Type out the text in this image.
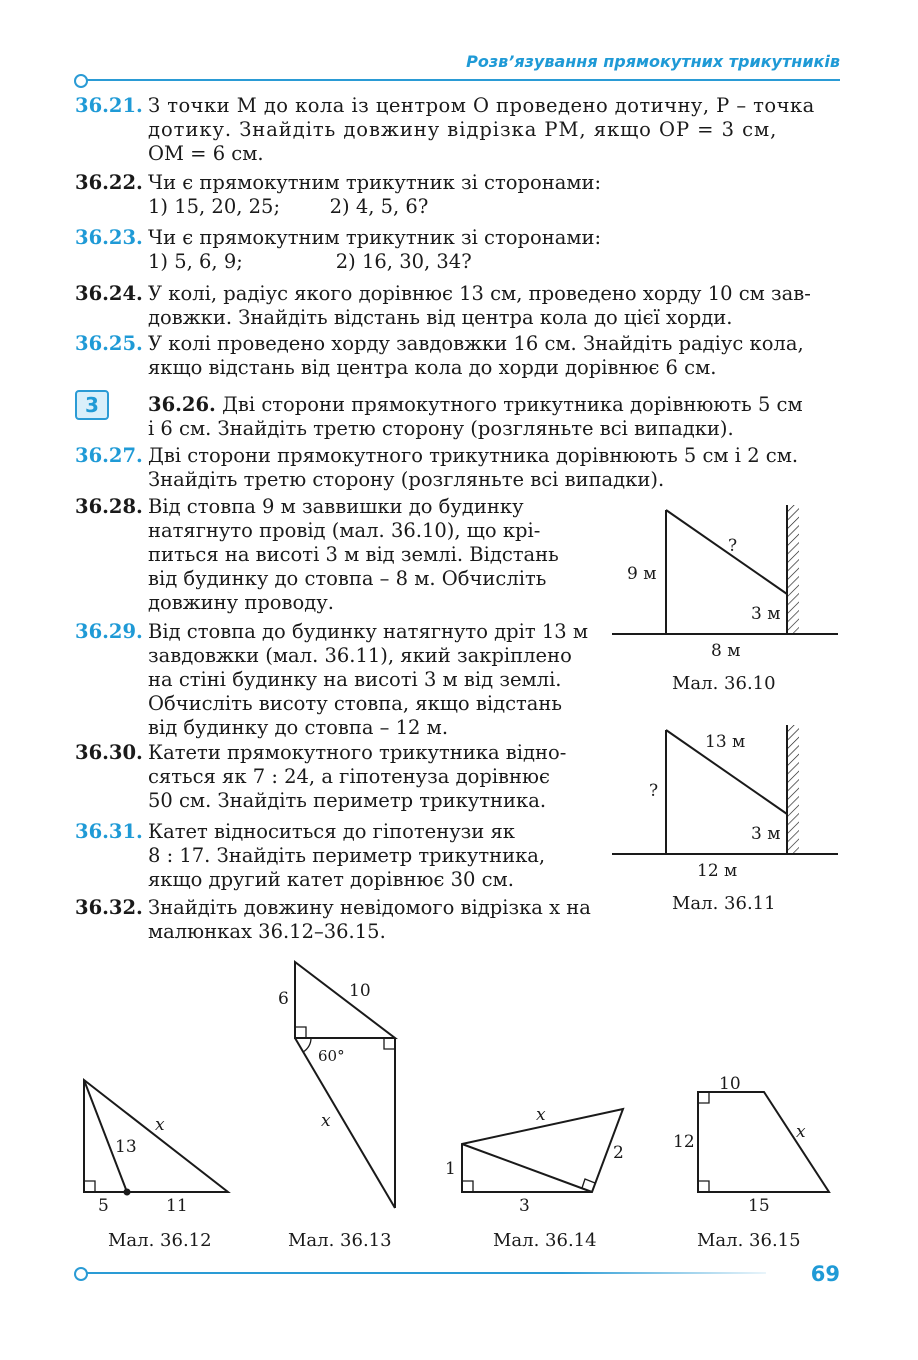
Розв’язування прямокутних трикутників
36.21. З точки M до кола із центром O проведено дотичну, P – точка
дотику. Знайдіть довжину відрізка PM, якщо OP = 3 см,
OM = 6 см.
36.22. Чи є прямокутним трикутник зі сторонами:
1) 15, 20, 25;        2) 4, 5, 6?
36.23. Чи є прямокутним трикутник зі сторонами:
1) 5, 6, 9;               2) 16, 30, 34?
36.24. У колі, радіус якого дорівнює 13 см, проведено хорду 10 см зав-
довжки. Знайдіть відстань від центра кола до цієї хорди.
36.25. У колі проведено хорду завдовжки 16 см. Знайдіть радіус кола,
якщо відстань від центра кола до хорди дорівнює 6 см.
3	36.26. Дві сторони прямокутного трикутника дорівнюють 5 см
і 6 см. Знайдіть третю сторону (розгляньте всі випадки).
36.27. Дві сторони прямокутного трикутника дорівнюють 5 см і 2 см.
Знайдіть третю сторону (розгляньте всі випадки).
36.28. Від стовпа 9 м заввишки до будинку
натягнуто провід (мал. 36.10), що крі-
питься на висоті 3 м від землі. Відстань
від будинку до стовпа – 8 м. Обчисліть
довжину проводу.
36.29. Від стовпа до будинку натягнуто дріт 13 м
завдовжки (мал. 36.11), який закріплено
на стіні будинку на висоті 3 м від землі.
Обчисліть висоту стовпа, якщо відстань
від будинку до стовпа – 12 м.
36.30. Катети прямокутного трикутника відно-
сяться як 7 : 24, а гіпотенуза дорівнює
50 см. Знайдіть периметр трикутника.
36.31. Катет відноситься до гіпотенузи як
8 : 17. Знайдіть периметр трикутника,
якщо другий катет дорівнює 30 см.
36.32. Знайдіть довжину невідомого відрізка x на
малюнках 36.12–36.15.
9 м
?
3 м
8 м
Мал. 36.10
?
13 м
3 м
12 м
Мал. 36.11
13
x
5	11
Мал. 36.12
6	10
60°
x
Мал. 36.13
1
x
2
3
Мал. 36.14
10
12	x
15
Мал. 36.15
69
